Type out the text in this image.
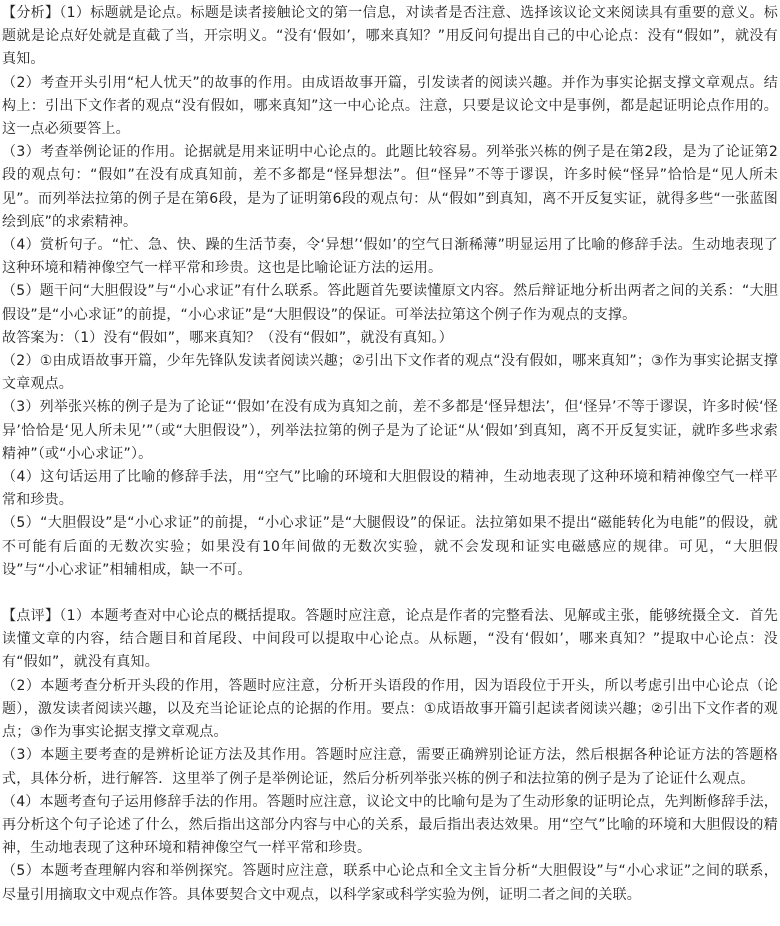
【分析】（1）标题就是论点。标题是读者接触论文的第一信息，对读者是否注意、选择该议论文来阅读具有重要的意义。标题就是论点好处就是直截了当，开宗明义。“没有‘假如’，哪来真知？”用反问句提出自己的中心论点：没有“假如”，就没有真知。

（2）考查开头引用“杞人忧天”的故事的作用。由成语故事开篇，引发读者的阅读兴趣。并作为事实论据支撑文章观点。结构上：引出下文作者的观点“没有假如，哪来真知”这一中心论点。注意，只要是议论文中是事例，都是起证明论点作用的。这一点必须要答上。

（3）考查举例论证的作用。论据就是用来证明中心论点的。此题比较容易。列举张兴栋的例子是在第2段，是为了论证第2段的观点句：“假如”在没有成真知前，差不多都是“怪异想法”。但“怪异”不等于谬误，许多时候“怪异”恰恰是“见人所未见”。而列举法拉第的例子是在第6段，是为了证明第6段的观点句：从“假如”到真知，离不开反复实证，就得多些“一张蓝图绘到底”的求索精神。

（4）赏析句子。“忙、急、快、躁的生活节奏，令‘异想’‘假如’的空气日渐稀薄”明显运用了比喻的修辞手法。生动地表现了这种环境和精神像空气一样平常和珍贵。这也是比喻论证方法的运用。

（5）题干问“大胆假设”与“小心求证”有什么联系。答此题首先要读懂原文内容。然后辩证地分析出两者之间的关系：“大胆假设”是“小心求证”的前提，“小心求证”是“大胆假设”的保证。可举法拉第这个例子作为观点的支撑。

故答案为：（1）没有“假如”，哪来真知？（没有“假如”，就没有真知。）

（2）①由成语故事开篇，少年先锋队发读者阅读兴趣；②引出下文作者的观点“没有假如，哪来真知”；③作为事实论据支撑文章观点。

（3）列举张兴栋的例子是为了论证“‘假如’在没有成为真知之前，差不多都是‘怪异想法’，但‘怪异’不等于谬误，许多时候‘怪异’恰恰是‘见人所未见’”（或“大胆假设”），列举法拉第的例子是为了论证“从‘假如’到真知，离不开反复实证，就昨多些求索精神”（或“小心求证”）。

（4）这句话运用了比喻的修辞手法，用“空气”比喻的环境和大胆假设的精神，生动地表现了这种环境和精神像空气一样平常和珍贵。

（5）“大胆假设”是“小心求证”的前提，“小心求证”是“大腿假设”的保证。法拉第如果不提出“磁能转化为电能”的假设，就不可能有后面的无数次实验；如果没有10年间做的无数次实验，就不会发现和证实电磁感应的规律。可见，“大胆假设”与“小心求证”相辅相成，缺一不可。

【点评】（1）本题考查对中心论点的概括提取。答题时应注意，论点是作者的完整看法、见解或主张，能够统摄全文．首先读懂文章的内容，结合题目和首尾段、中间段可以提取中心论点。从标题，“没有‘假如’，哪来真知？”提取中心论点：没有“假如”，就没有真知。

（2）本题考查分析开头段的作用，答题时应注意，分析开头语段的作用，因为语段位于开头，所以考虑引出中心论点（论题），激发读者阅读兴趣，以及充当论证论点的论据的作用。要点：①成语故事开篇引起读者阅读兴趣；②引出下文作者的观点；③作为事实论据支撑文章观点。

（3）本题主要考查的是辨析论证方法及其作用。答题时应注意，需要正确辨别论证方法，然后根据各种论证方法的答题格式，具体分析，进行解答．这里举了例子是举例论证，然后分析列举张兴栋的例子和法拉第的例子是为了论证什么观点。

（4）本题考查句子运用修辞手法的作用。答题时应注意，议论文中的比喻句是为了生动形象的证明论点，先判断修辞手法，再分析这个句子论述了什么，然后指出这部分内容与中心的关系，最后指出表达效果。用“空气”比喻的环境和大胆假设的精神，生动地表现了这种环境和精神像空气一样平常和珍贵。

（5）本题考查理解内容和举例探究。答题时应注意，联系中心论点和全文主旨分析“大胆假设”与“小心求证”之间的联系，尽量引用摘取文中观点作答。具体要契合文中观点，以科学家或科学实验为例，证明二者之间的关联。
